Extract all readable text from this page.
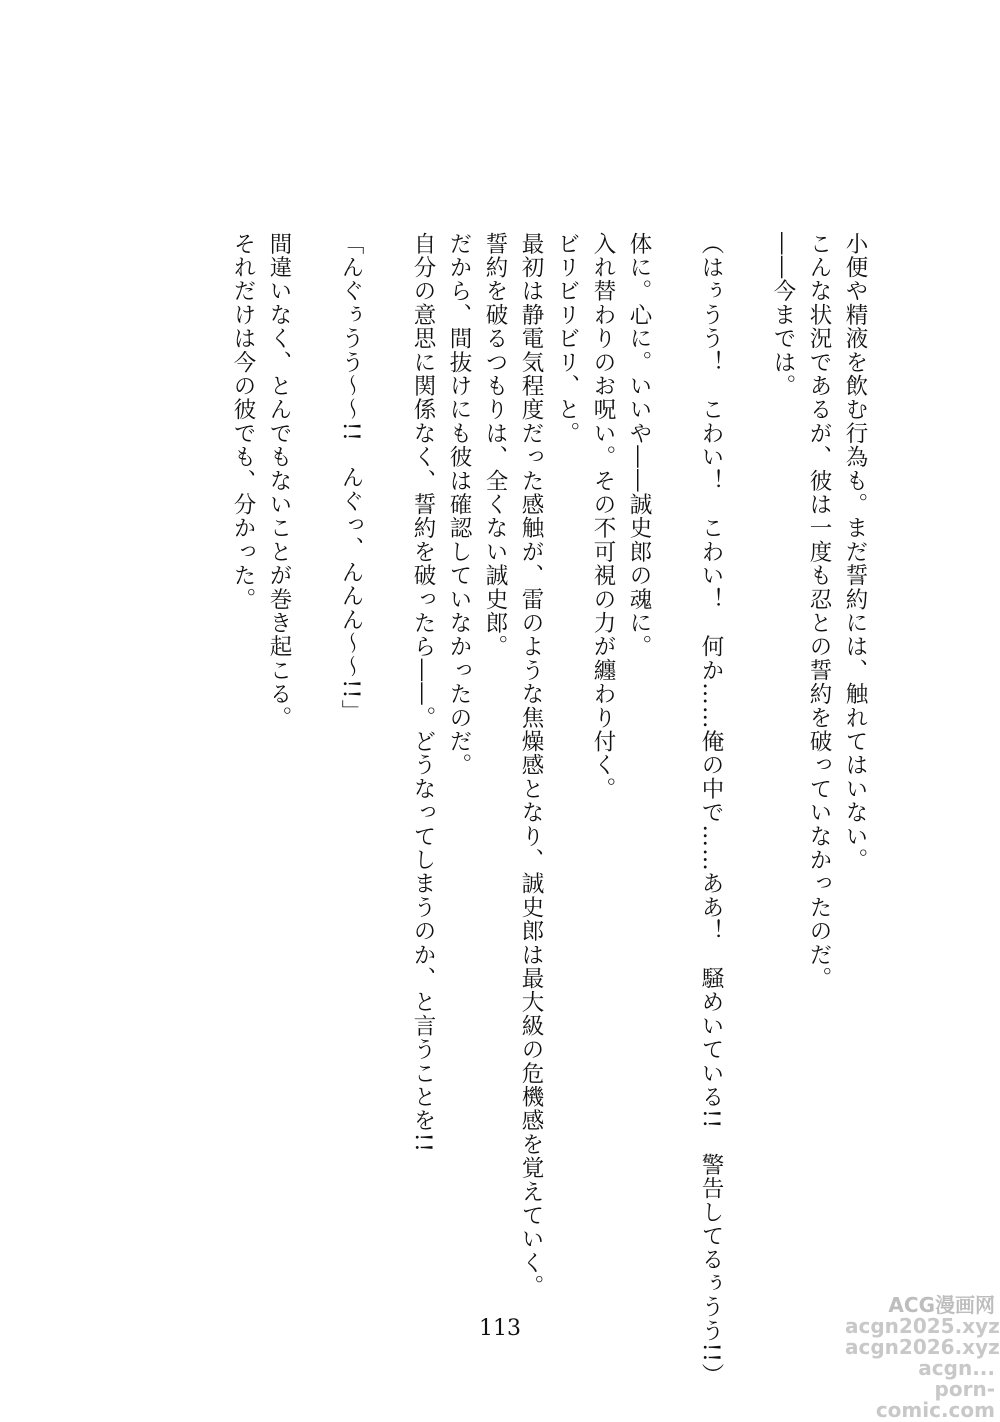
小便や精液を飲む行為も。まだ誓約には、触れてはいない。
こんな状況であるが、彼は一度も忍との誓約を破っていなかったのだ。
――今までは。
（はぅうう！　こわい！　こわい！　何か……俺の中で……ああ！　騒めいている!!　警告してるぅうう!!）
体に。心に。いいや――誠史郎の魂に。
入れ替わりのお呪い。その不可視の力が纏わり付く。
ビリビリビリ、と。
最初は静電気程度だった感触が、雷のような焦燥感となり、誠史郎は最大級の危機感を覚えていく。
誓約を破るつもりは、全くない誠史郎。
だから、間抜けにも彼は確認していなかったのだ。
自分の意思に関係なく、誓約を破ったら――。どうなってしまうのか、と言うことを!!
「んぐぅうう～～!!　んぐっ、んんん～～!!」
間違いなく、とんでもないことが巻き起こる。
それだけは今の彼でも、分かった。
113
ACG漫画网
acgn2025.xyz
acgn2026.xyz
acgn...
porn-comic.com
